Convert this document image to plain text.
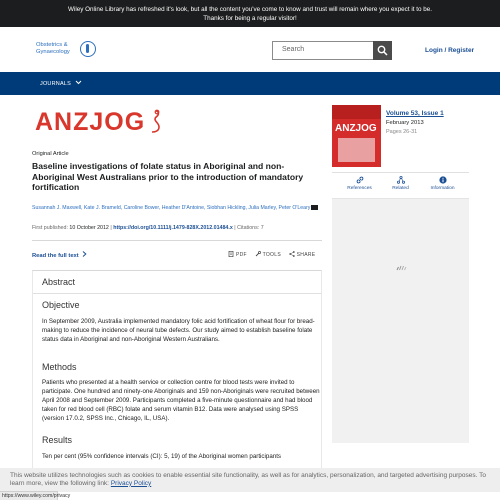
Wiley Online Library has refreshed it's look, but all the content you've come to know and trust will remain where you expect it to be.
Thanks for being a regular visitor!
Obstetrics &
Gynaecology	Search	Login / Register
JOURNALS
ANZJOG
Original Article
Baseline investigations of folate status in Aboriginal and non-Aboriginal West Australians prior to the introduction of mandatory fortification
Susannah J. Maxwell, Kate J. Brameld, Caroline Bower, Heather D'Antoine, Siobhan Hickling, Julia Marley, Peter O'Leary
First published: 10 October 2012 | https://doi.org/10.1111/j.1479-828X.2012.01484.x | Citations: 7
Read the full text	PDF	TOOLS	SHARE
Abstract
Objective
In September 2009, Australia implemented mandatory folic acid fortification of wheat flour for bread-making to reduce the incidence of neural tube defects. Our study aimed to establish baseline folate status data in Aboriginal and non-Aboriginal Western Australians.
Methods
Patients who presented at a health service or collection centre for blood tests were invited to participate. One hundred and ninety-one Aboriginals and 159 non-Aboriginals were recruited between April 2008 and September 2009. Participants completed a five-minute questionnaire and had blood taken for red blood cell (RBC) folate and serum vitamin B12. Data were analysed using SPSS (version 17.0.2, SPSS Inc., Chicago, IL, USA).
Results
Ten per cent (95% confidence intervals (CI): 5, 19) of the Aboriginal women participants
ANZJOG
Volume 53, Issue 1
February 2013
Pages 26-31
References	Related	Information
This website utilizes technologies such as cookies to enable essential site functionality, as well as for analytics, personalization, and targeted advertising purposes. To learn more, view the following link: Privacy Policy
https://www.wiley.com/privacy
